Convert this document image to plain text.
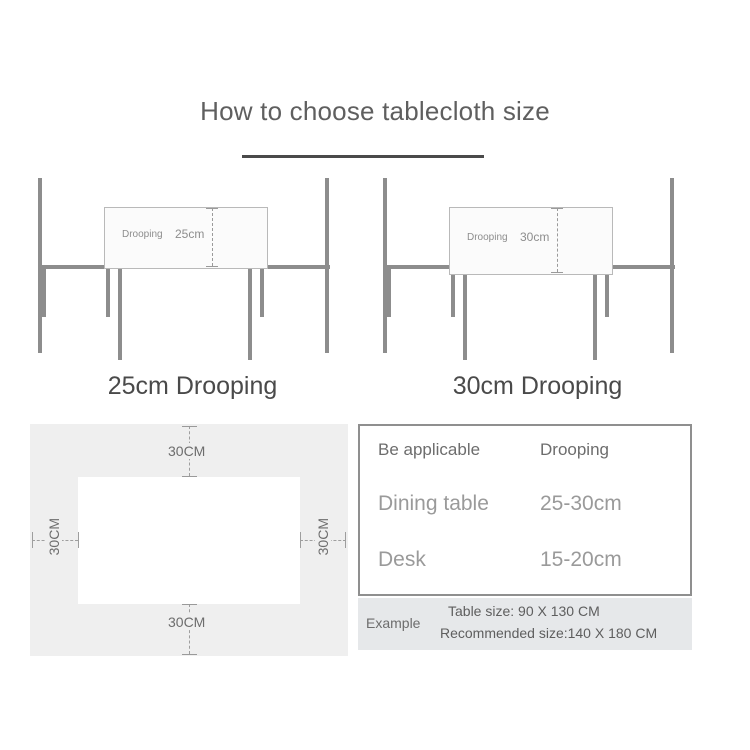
How to choose tablecloth size
Drooping 25cm
25cm Drooping
Drooping 30cm
30cm Drooping
30CM
30CM
30CM	30CM
Be applicable	Drooping
Dining table	25-30cm
Desk	15-20cm
Example
Table size: 90 X 130 CM
Recommended size:140 X 180 CM
